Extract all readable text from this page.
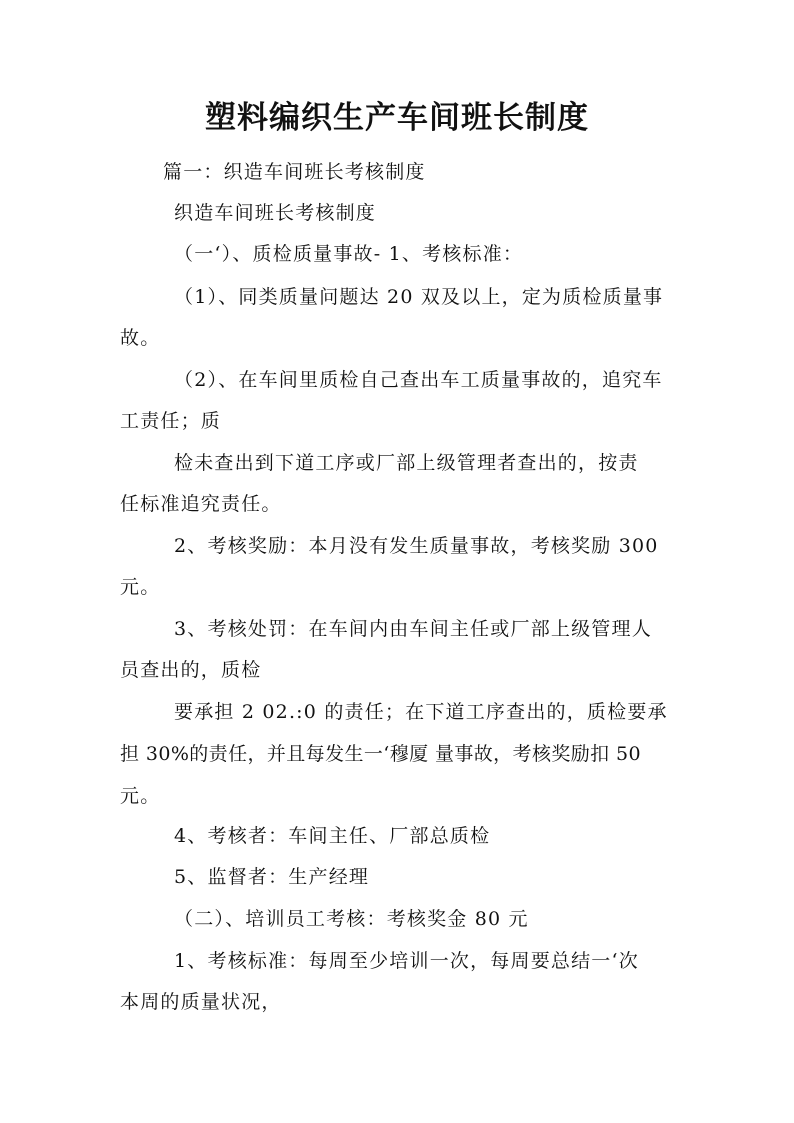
塑料编织生产车间班长制度
篇一：织造车间班长考核制度
织造车间班长考核制度
（一‘）、质检质量事故- 1、考核标准：
（1）、同类质量问题达 20 双及以上，定为质检质量事
故。
（2）、在车间里质检自己查出车工质量事故的，追究车
工责任；质
检未查出到下道工序或厂部上级管理者查出的，按责
任标准追究责任。
2、考核奖励：本月没有发生质量事故，考核奖励 300
元。
3、考核处罚：在车间内由车间主任或厂部上级管理人
员查出的，质检
要承担 2 02.:0 的责任；在下道工序查出的，质检要承
担 30%的责任，并且每发生一‘穆厦 量事故，考核奖励扣 50
元。
4、考核者：车间主任、厂部总质检
5、监督者：生产经理
（二）、培训员工考核：考核奖金 80 元
1、考核标准：每周至少培训一次，每周要总结一‘次
本周的质量状况，
